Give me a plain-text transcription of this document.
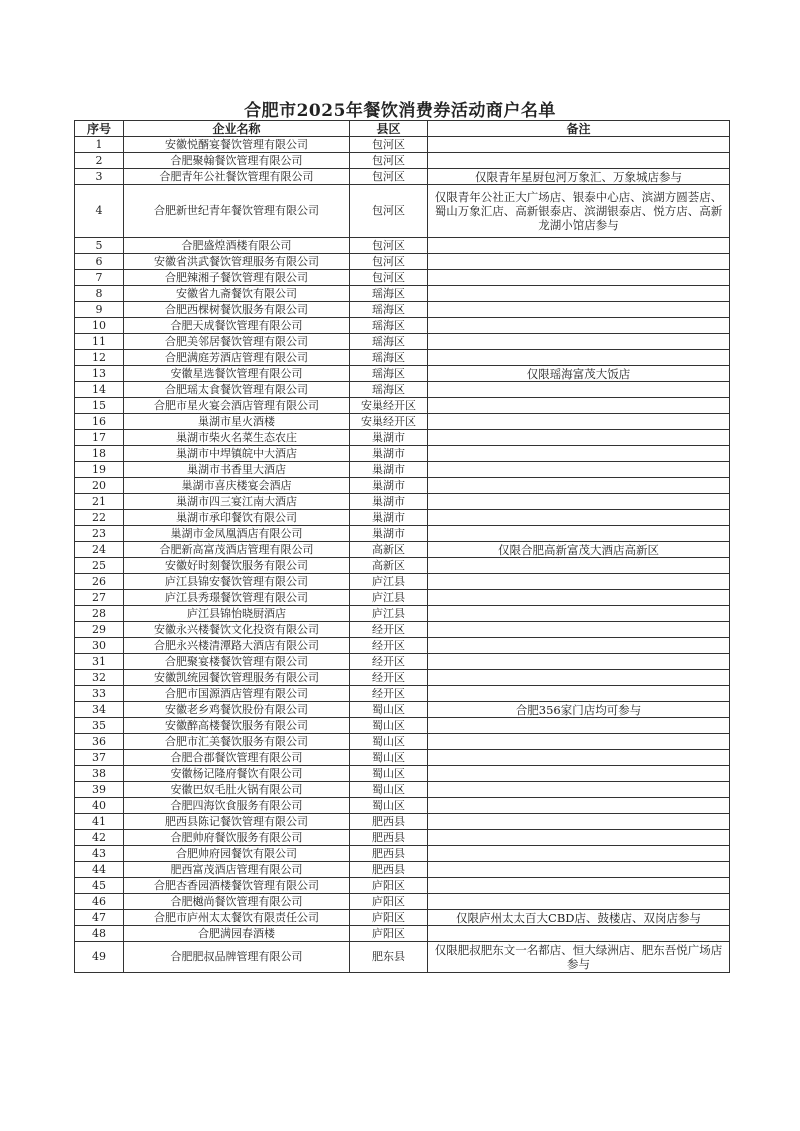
合肥市2025年餐饮消费券活动商户名单
序号	企业名称	县区	备注
1	安徽悦醑宴餐饮管理有限公司	包河区	
2	合肥聚翰餐饮管理有限公司	包河区	
3	合肥青年公社餐饮管理有限公司	包河区	仅限青年星厨包河万象汇、万象城店参与
4	合肥新世纪青年餐饮管理有限公司	包河区	仅限青年公社正大广场店、银泰中心店、滨湖方圆荟店、蜀山万象汇店、高新银泰店、滨湖银泰店、悦方店、高新龙湖小馆店参与
5	合肥盛煌酒楼有限公司	包河区	
6	安徽省洪武餐饮管理服务有限公司	包河区	
7	合肥辣湘子餐饮管理有限公司	包河区	
8	安徽省九斋餐饮有限公司	瑶海区	
9	合肥西棵树餐饮服务有限公司	瑶海区	
10	合肥天成餐饮管理有限公司	瑶海区	
11	合肥美邻居餐饮管理有限公司	瑶海区	
12	合肥满庭芳酒店管理有限公司	瑶海区	
13	安徽星选餐饮管理有限公司	瑶海区	仅限瑶海富茂大饭店
14	合肥瑶太食餐饮管理有限公司	瑶海区	
15	合肥市星火宴会酒店管理有限公司	安巢经开区	
16	巢湖市星火酒楼	安巢经开区	
17	巢湖市柴火名菜生态农庄	巢湖市	
18	巢湖市中垾镇皖中大酒店	巢湖市	
19	巢湖市书香里大酒店	巢湖市	
20	巢湖市喜庆楼宴会酒店	巢湖市	
21	巢湖市四三宴江南大酒店	巢湖市	
22	巢湖市承印餐饮有限公司	巢湖市	
23	巢湖市金凤凰酒店有限公司	巢湖市	
24	合肥新高富茂酒店管理有限公司	高新区	仅限合肥高新富茂大酒店高新区
25	安徽好时刻餐饮服务有限公司	高新区	
26	庐江县锦安餐饮管理有限公司	庐江县	
27	庐江县秀璟餐饮管理有限公司	庐江县	
28	庐江县锦怡晓厨酒店	庐江县	
29	安徽永兴楼餐饮文化投资有限公司	经开区	
30	合肥永兴楼清潭路大酒店有限公司	经开区	
31	合肥聚宴楼餐饮管理有限公司	经开区	
32	安徽凯统园餐饮管理服务有限公司	经开区	
33	合肥市国源酒店管理有限公司	经开区	
34	安徽老乡鸡餐饮股份有限公司	蜀山区	合肥356家门店均可参与
35	安徽醉高楼餐饮服务有限公司	蜀山区	
36	合肥市汇美餐饮服务有限公司	蜀山区	
37	合肥合郡餐饮管理有限公司	蜀山区	
38	安徽杨记隆府餐饮有限公司	蜀山区	
39	安徽巴奴毛肚火锅有限公司	蜀山区	
40	合肥四海饮食服务有限公司	蜀山区	
41	肥西县陈记餐饮管理有限公司	肥西县	
42	合肥帅府餐饮服务有限公司	肥西县	
43	合肥帅府园餐饮有限公司	肥西县	
44	肥西富茂酒店管理有限公司	肥西县	
45	合肥杏香园酒楼餐饮管理有限公司	庐阳区	
46	合肥樾尚餐饮管理有限公司	庐阳区	
47	合肥市庐州太太餐饮有限责任公司	庐阳区	仅限庐州太太百大CBD店、鼓楼店、双岗店参与
48	合肥满园春酒楼	庐阳区	
49	合肥肥叔品牌管理有限公司	肥东县	仅限肥叔肥东文一名都店、恒大绿洲店、肥东吾悦广场店参与
